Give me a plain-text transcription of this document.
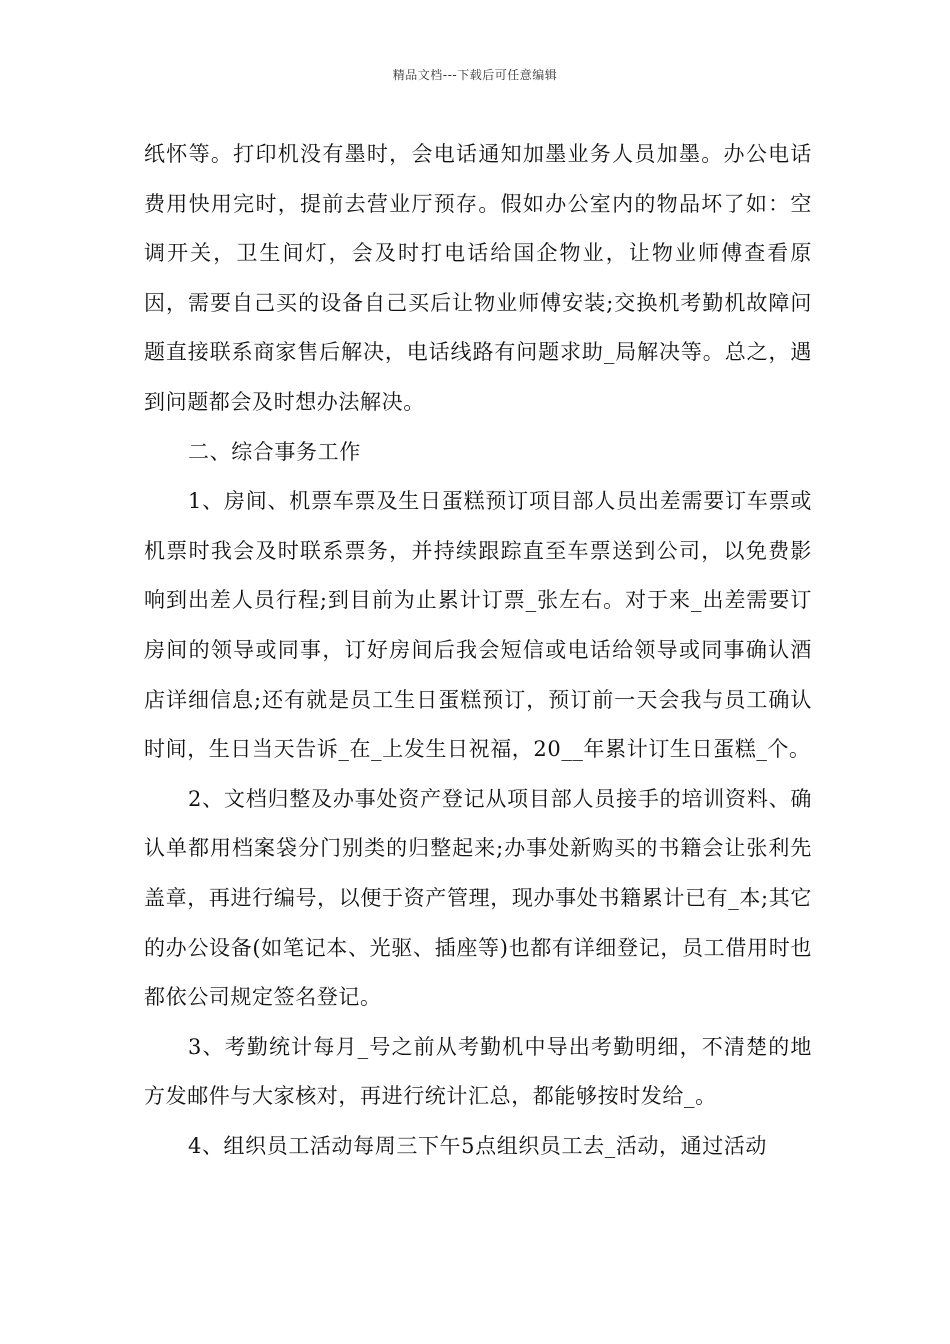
精品文档---下载后可任意编辑

纸怀等。打印机没有墨时，会电话通知加墨业务人员加墨。办公电话费用快用完时，提前去营业厅预存。假如办公室内的物品坏了如：空调开关，卫生间灯，会及时打电话给国企物业，让物业师傅查看原因，需要自己买的设备自己买后让物业师傅安装;交换机考勤机故障问题直接联系商家售后解决，电话线路有问题求助_局解决等。总之，遇到问题都会及时想办法解决。

二、综合事务工作

1、房间、机票车票及生日蛋糕预订项目部人员出差需要订车票或机票时我会及时联系票务，并持续跟踪直至车票送到公司，以免费影响到出差人员行程;到目前为止累计订票_张左右。对于来_出差需要订房间的领导或同事，订好房间后我会短信或电话给领导或同事确认酒店详细信息;还有就是员工生日蛋糕预订，预订前一天会我与员工确认时间，生日当天告诉_在_上发生日祝福，20__年累计订生日蛋糕_个。

2、文档归整及办事处资产登记从项目部人员接手的培训资料、确认单都用档案袋分门别类的归整起来;办事处新购买的书籍会让张利先盖章，再进行编号，以便于资产管理，现办事处书籍累计已有_本;其它的办公设备(如笔记本、光驱、插座等)也都有详细登记，员工借用时也都依公司规定签名登记。

3、考勤统计每月_号之前从考勤机中导出考勤明细，不清楚的地方发邮件与大家核对，再进行统计汇总，都能够按时发给_。

4、组织员工活动每周三下午5点组织员工去_活动，通过活动
